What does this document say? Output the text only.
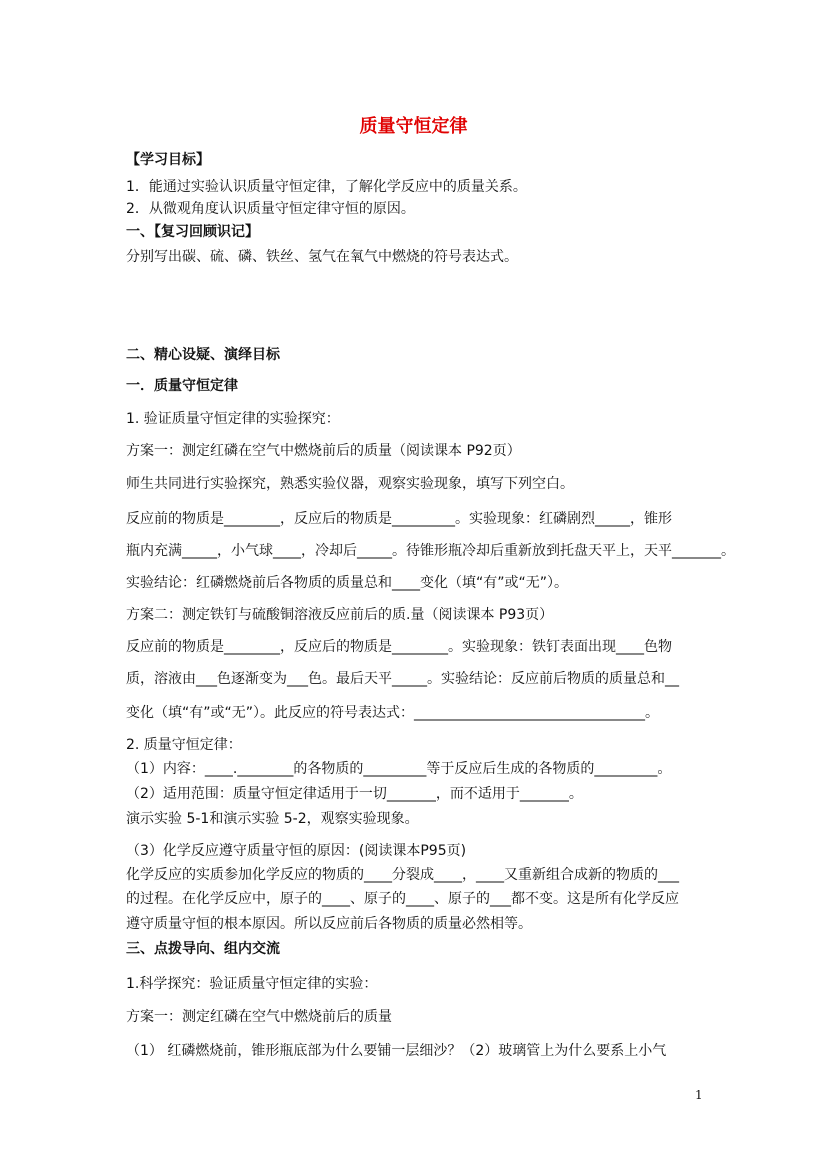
质量守恒定律
【学习目标】
1．能通过实验认识质量守恒定律，了解化学反应中的质量关系。
2．从微观角度认识质量守恒定律守恒的原因。
一、【复习回顾识记】
分别写出碳、硫、磷、铁丝、氢气在氧气中燃烧的符号表达式。
二、精心设疑、演绎目标
一．质量守恒定律
1. 验证质量守恒定律的实验探究：
方案一：测定红磷在空气中燃烧前后的质量（阅读课本 P92页）
师生共同进行实验探究，熟悉实验仪器，观察实验现象，填写下列空白。
反应前的物质是________，反应后的物质是_________。实验现象：红磷剧烈_____，锥形
瓶内充满_____，小气球____，冷却后_____。待锥形瓶冷却后重新放到托盘天平上，天平_______。
实验结论：红磷燃烧前后各物质的质量总和____变化（填“有”或“无”）。
方案二：测定铁钉与硫酸铜溶液反应前后的质.量（阅读课本 P93页）
反应前的物质是________，反应后的物质是________。实验现象：铁钉表面出现____色物
质，溶液由___色逐渐变为___色。最后天平_____。实验结论：反应前后物质的质量总和__
变化（填“有”或“无”）。此反应的符号表达式：_________________________________。
2. 质量守恒定律：
（1）内容：____.________的各物质的_________等于反应后生成的各物质的_________。
（2）适用范围：质量守恒定律适用于一切_______，而不适用于_______。
演示实验 5-1和演示实验 5-2，观察实验现象。
（3）化学反应遵守质量守恒的原因：(阅读课本P95页)
化学反应的实质参加化学反应的物质的____分裂成____，____又重新组合成新的物质的___
的过程。在化学反应中，原子的____、原子的____、原子的___都不变。这是所有化学反应
遵守质量守恒的根本原因。所以反应前后各物质的质量必然相等。
三、点拨导向、组内交流
1.科学探究：验证质量守恒定律的实验：
方案一：测定红磷在空气中燃烧前后的质量
（1） 红磷燃烧前，锥形瓶底部为什么要铺一层细沙？（2）玻璃管上为什么要系上小气
1
